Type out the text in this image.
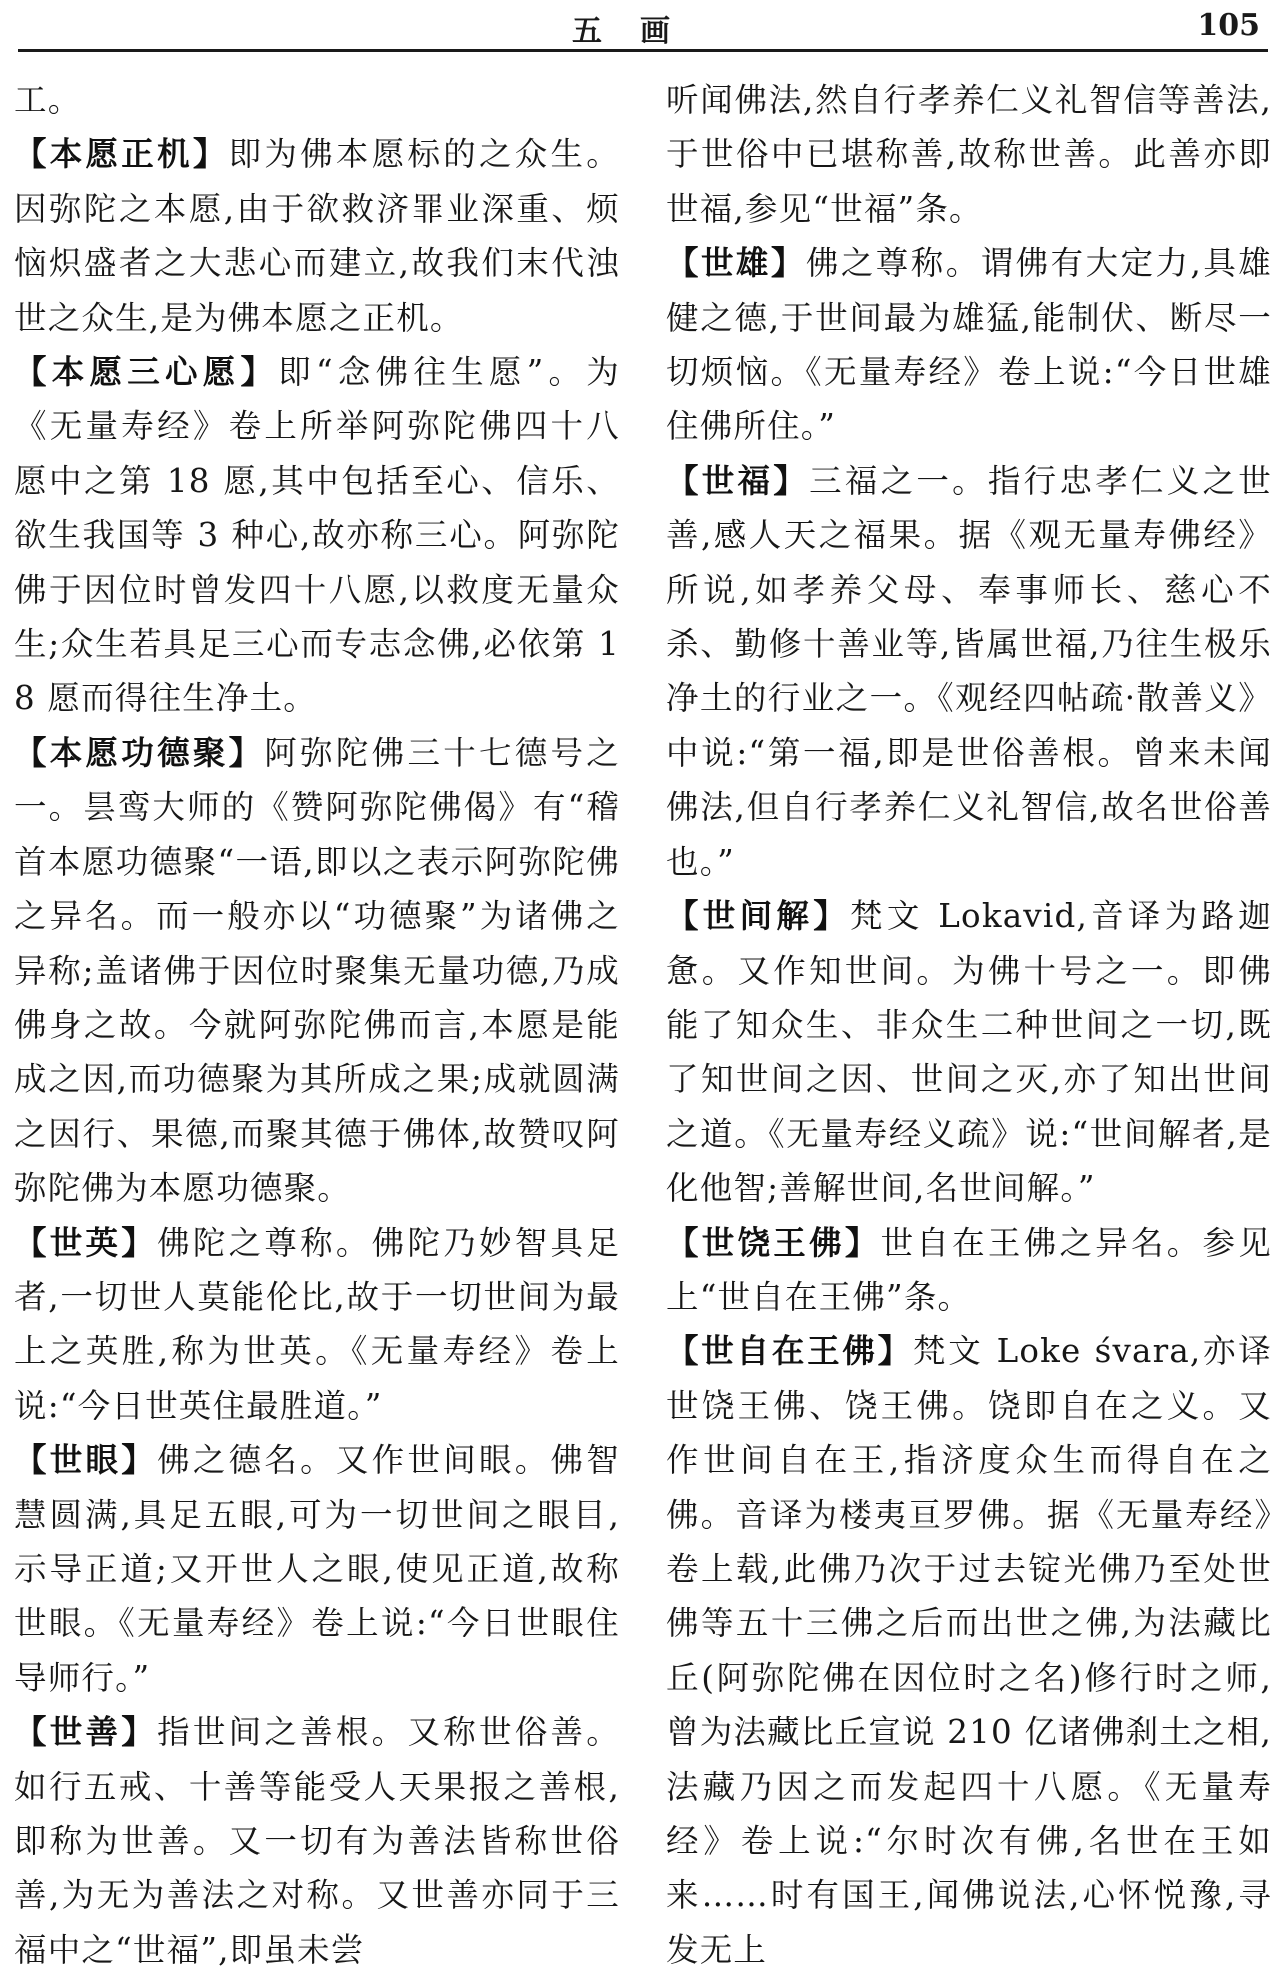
五画	105

工。

【本愿正机】即为佛本愿标的之众生。因弥陀之本愿,由于欲救济罪业深重、烦恼炽盛者之大悲心而建立,故我们末代浊世之众生,是为佛本愿之正机。

【本愿三心愿】即“念佛往生愿”。为《无量寿经》卷上所举阿弥陀佛四十八愿中之第 18 愿,其中包括至心、信乐、欲生我国等 3 种心,故亦称三心。阿弥陀佛于因位时曾发四十八愿,以救度无量众生;众生若具足三心而专志念佛,必依第 18 愿而得往生净土。

【本愿功德聚】阿弥陀佛三十七德号之一。昙鸾大师的《赞阿弥陀佛偈》有“稽首本愿功德聚“一语,即以之表示阿弥陀佛之异名。而一般亦以“功德聚”为诸佛之异称;盖诸佛于因位时聚集无量功德,乃成佛身之故。今就阿弥陀佛而言,本愿是能成之因,而功德聚为其所成之果;成就圆满之因行、果德,而聚其德于佛体,故赞叹阿弥陀佛为本愿功德聚。

【世英】佛陀之尊称。佛陀乃妙智具足者,一切世人莫能伦比,故于一切世间为最上之英胜,称为世英。《无量寿经》卷上说:“今日世英住最胜道。”

【世眼】佛之德名。又作世间眼。佛智慧圆满,具足五眼,可为一切世间之眼目,示导正道;又开世人之眼,使见正道,故称世眼。《无量寿经》卷上说:“今日世眼住导师行。”

【世善】指世间之善根。又称世俗善。如行五戒、十善等能受人天果报之善根,即称为世善。又一切有为善法皆称世俗善,为无为善法之对称。又世善亦同于三福中之“世福”,即虽未尝

听闻佛法,然自行孝养仁义礼智信等善法,于世俗中已堪称善,故称世善。此善亦即世福,参见“世福”条。

【世雄】佛之尊称。谓佛有大定力,具雄健之德,于世间最为雄猛,能制伏、断尽一切烦恼。《无量寿经》卷上说:“今日世雄住佛所住。”

【世福】三福之一。指行忠孝仁义之世善,感人天之福果。据《观无量寿佛经》所说,如孝养父母、奉事师长、慈心不杀、勤修十善业等,皆属世福,乃往生极乐净土的行业之一。《观经四帖疏·散善义》中说:“第一福,即是世俗善根。曾来未闻佛法,但自行孝养仁义礼智信,故名世俗善也。”

【世间解】梵文 Lokavid,音译为路迦惫。又作知世间。为佛十号之一。即佛能了知众生、非众生二种世间之一切,既了知世间之因、世间之灭,亦了知出世间之道。《无量寿经义疏》说:“世间解者,是化他智;善解世间,名世间解。”

【世饶王佛】世自在王佛之异名。参见上“世自在王佛”条。

【世自在王佛】梵文 Loke śvara,亦译世饶王佛、饶王佛。饶即自在之义。又作世间自在王,指济度众生而得自在之佛。音译为楼夷亘罗佛。据《无量寿经》卷上载,此佛乃次于过去锭光佛乃至处世佛等五十三佛之后而出世之佛,为法藏比丘(阿弥陀佛在因位时之名)修行时之师,曾为法藏比丘宣说 210 亿诸佛刹土之相,法藏乃因之而发起四十八愿。《无量寿经》卷上说:“尔时次有佛,名世在王如来……时有国王,闻佛说法,心怀悦豫,寻发无上
